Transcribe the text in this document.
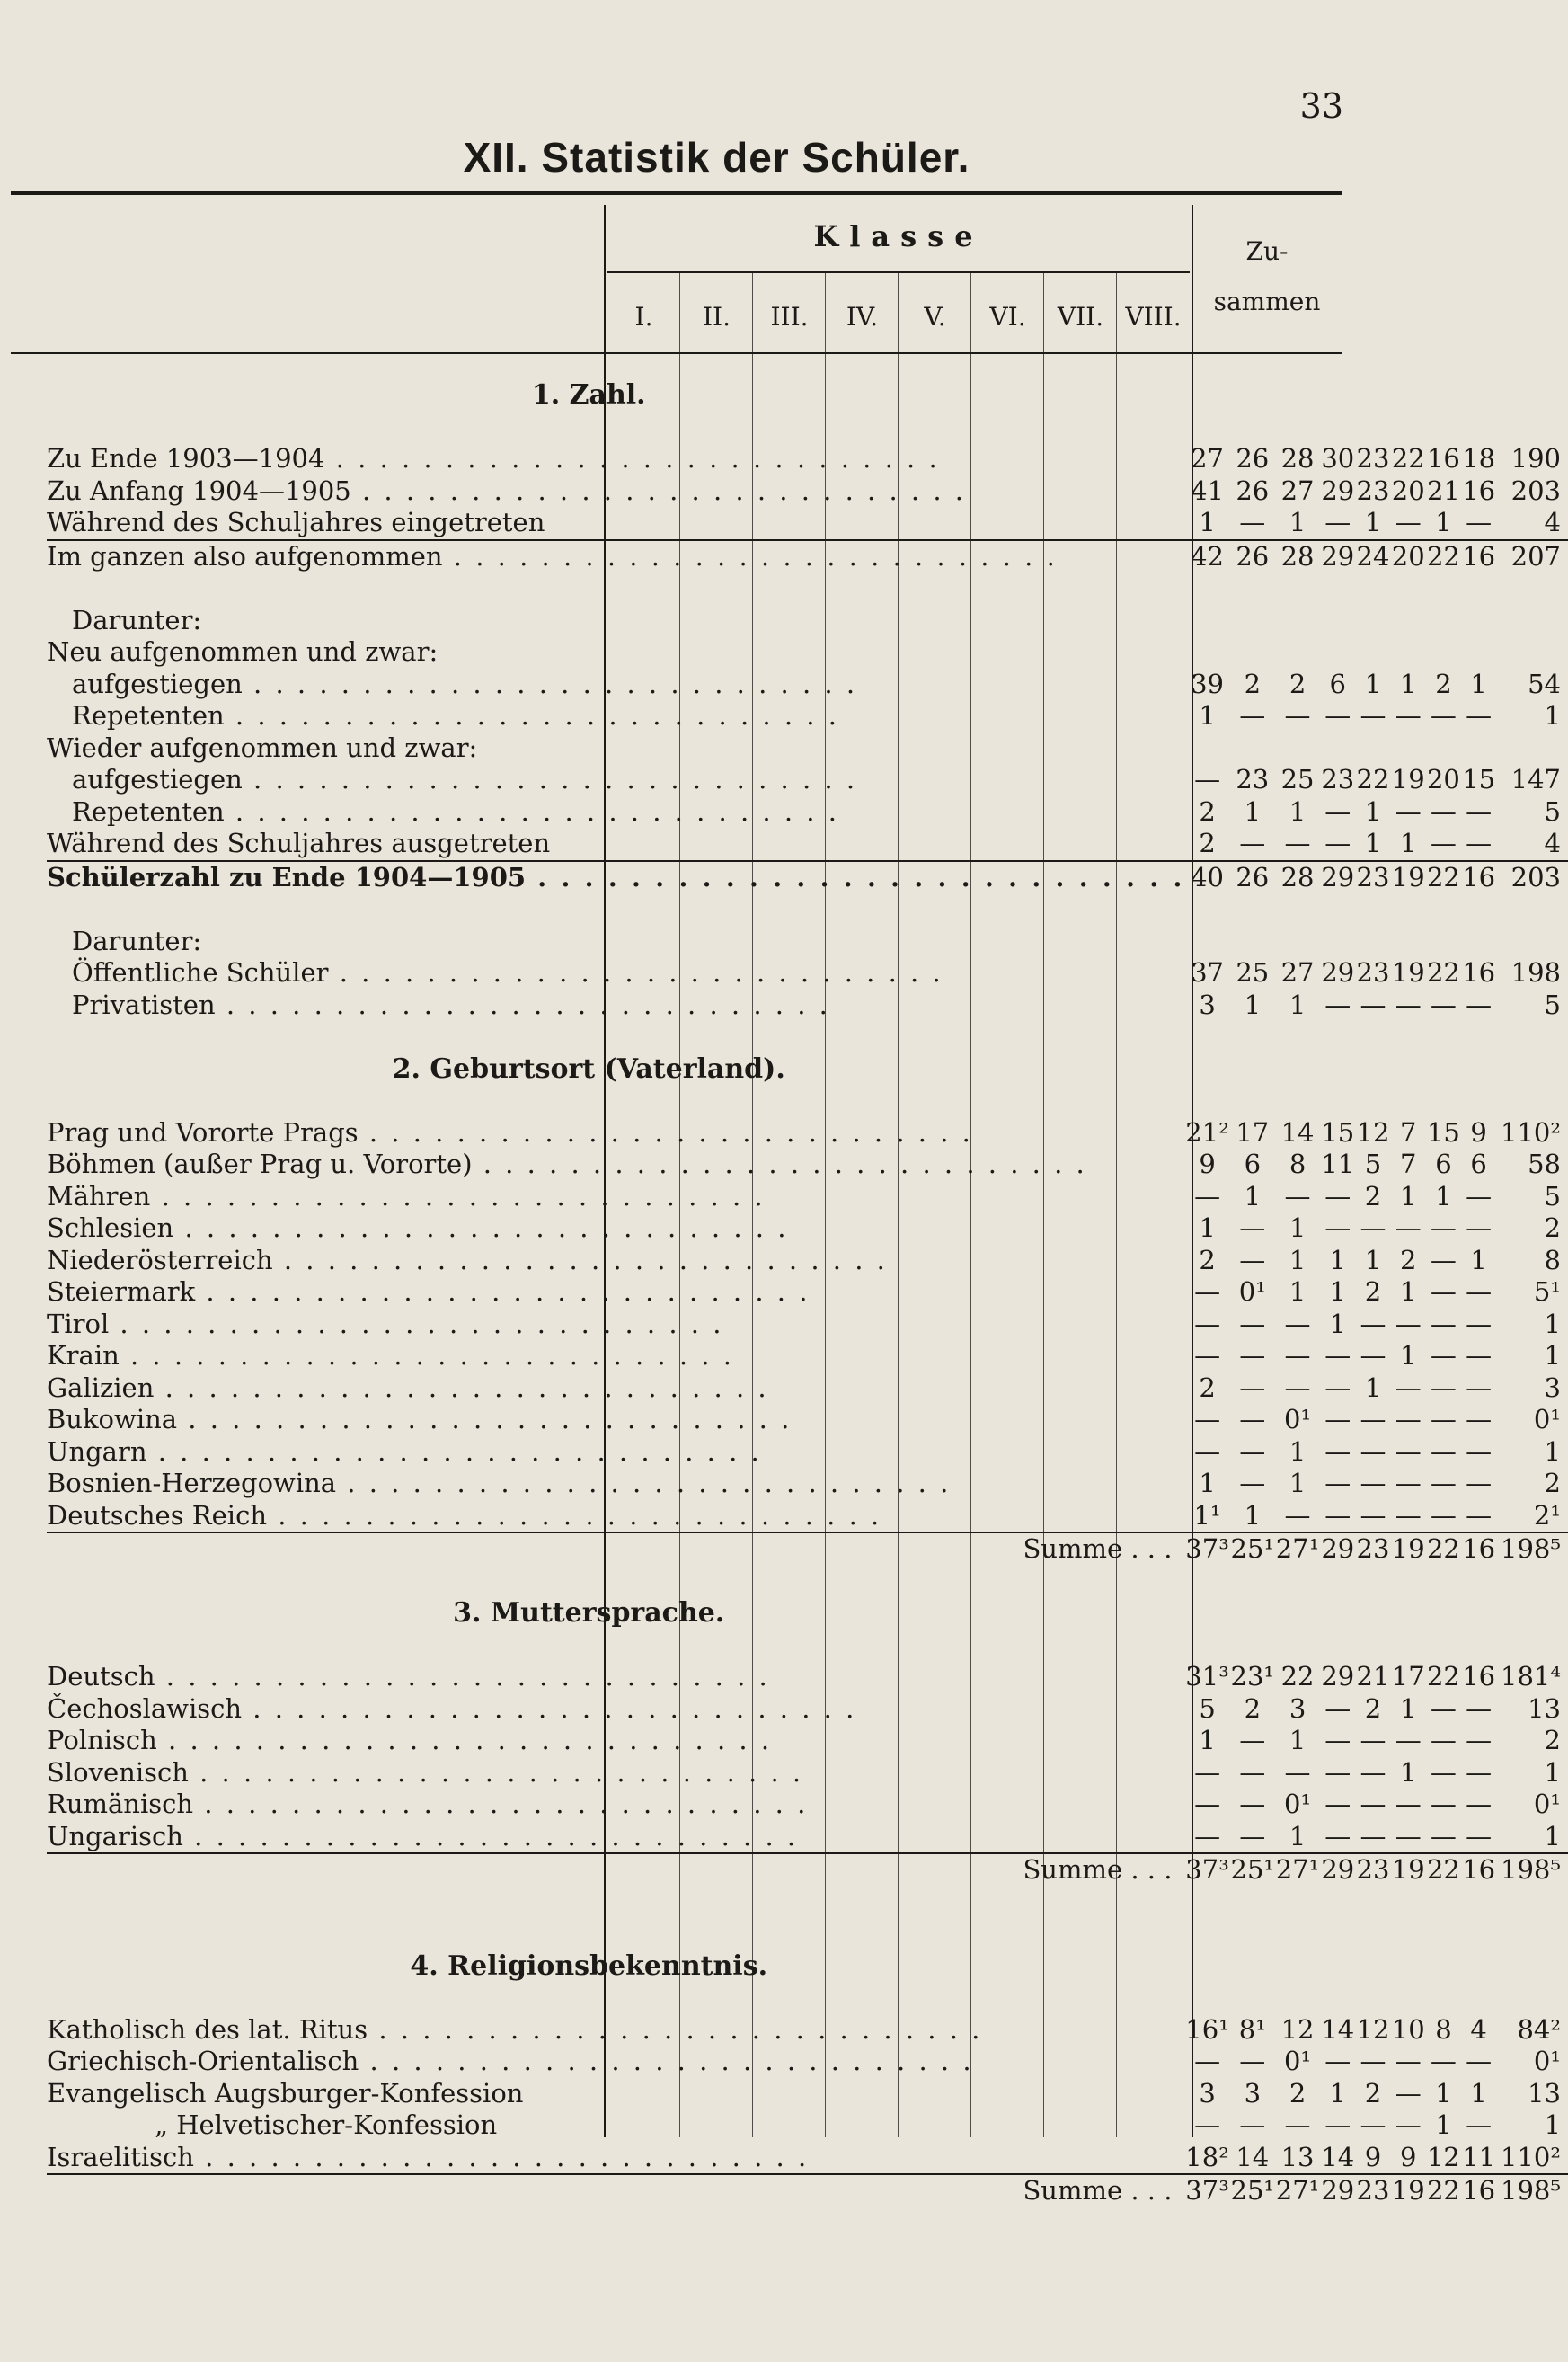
33
XII. Statistik der Schüler.
Klasse	Zu-
sammen
I.	II.	III.	IV.	V.	VI.	VII. VIII.
1. Zahl.									

Zu Ende 1903—1904 . . .	27	26	28	30	23	22	16	18	190
Zu Anfang 1904—1905 . . .	41	26	27	29	23	20	21	16	203
Während des Schuljahres eingetreten	1	—	1	—	1	—	1	—	4
Im ganzen also aufgenommen . . .	42	26	28	29	24	20	22	16	207

Darunter:									
Neu aufgenommen und zwar:									
aufgestiegen . . .	39	2	2	6	1	1	2	1	54
Repetenten . . .	1	—	—	—	—	—	—	—	1
Wieder aufgenommen und zwar:									
aufgestiegen . . .	—	23	25	23	22	19	20	15	147
Repetenten . . .	2	1	1	—	1	—	—	—	5
Während des Schuljahres ausgetreten	2	—	—	—	1	1	—	—	4
Schülerzahl zu Ende 1904—1905 . . .	40	26	28	29	23	19	22	16	203

Darunter:									
Öffentliche Schüler . . .	37	25	27	29	23	19	22	16	198
Privatisten . . .	3	1	1	—	—	—	—	—	5

2. Geburtsort (Vaterland).									

Prag und Vororte Prags . . .	21²	17	14	15	12	7	15	9	110²
Böhmen (außer Prag u. Vororte) . . .	9	6	8	11	5	7	6	6	58
Mähren . . .	—	1	—	—	2	1	1	—	5
Schlesien . . .	1	—	1	—	—	—	—	—	2
Niederösterreich . . .	2	—	1	1	1	2	—	1	8
Steiermark . . .	—	0¹	1	1	2	1	—	—	5¹
Tirol . . .	—	—	—	1	—	—	—	—	1
Krain . . .	—	—	—	—	—	1	—	—	1
Galizien . . .	2	—	—	—	1	—	—	—	3
Bukowina . . .	—	—	0¹	—	—	—	—	—	0¹
Ungarn . . .	—	—	1	—	—	—	—	—	1
Bosnien-Herzegowina . . .	1	—	1	—	—	—	—	—	2
Deutsches Reich . . .	1¹	1	—	—	—	—	—	—	2¹
Summe . . .	37³	25¹	27¹	29	23	19	22	16	198⁵

3. Muttersprache.									

Deutsch . . .	31³	23¹	22	29	21	17	22	16	181⁴
Čechoslawisch . . .	5	2	3	—	2	1	—	—	13
Polnisch . . .	1	—	1	—	—	—	—	—	2
Slovenisch . . .	—	—	—	—	—	1	—	—	1
Rumänisch . . .	—	—	0¹	—	—	—	—	—	0¹
Ungarisch . . .	—	—	1	—	—	—	—	—	1
Summe . . .	37³	25¹	27¹	29	23	19	22	16	198⁵

4. Religionsbekenntnis.									

Katholisch des lat. Ritus . . .	16¹	8¹	12	14	12	10	8	4	84²
Griechisch-Orientalisch . . .	—	—	0¹	—	—	—	—	—	0¹
Evangelisch Augsburger-Konfession	3	3	2	1	2	—	1	1	13
„ Helvetischer-Konfession	—	—	—	—	—	—	1	—	1
Israelitisch . . .	18²	14	13	14	9	9	12	11	110²
Summe . . .	37³	25¹	27¹	29	23	19	22	16	198⁵
